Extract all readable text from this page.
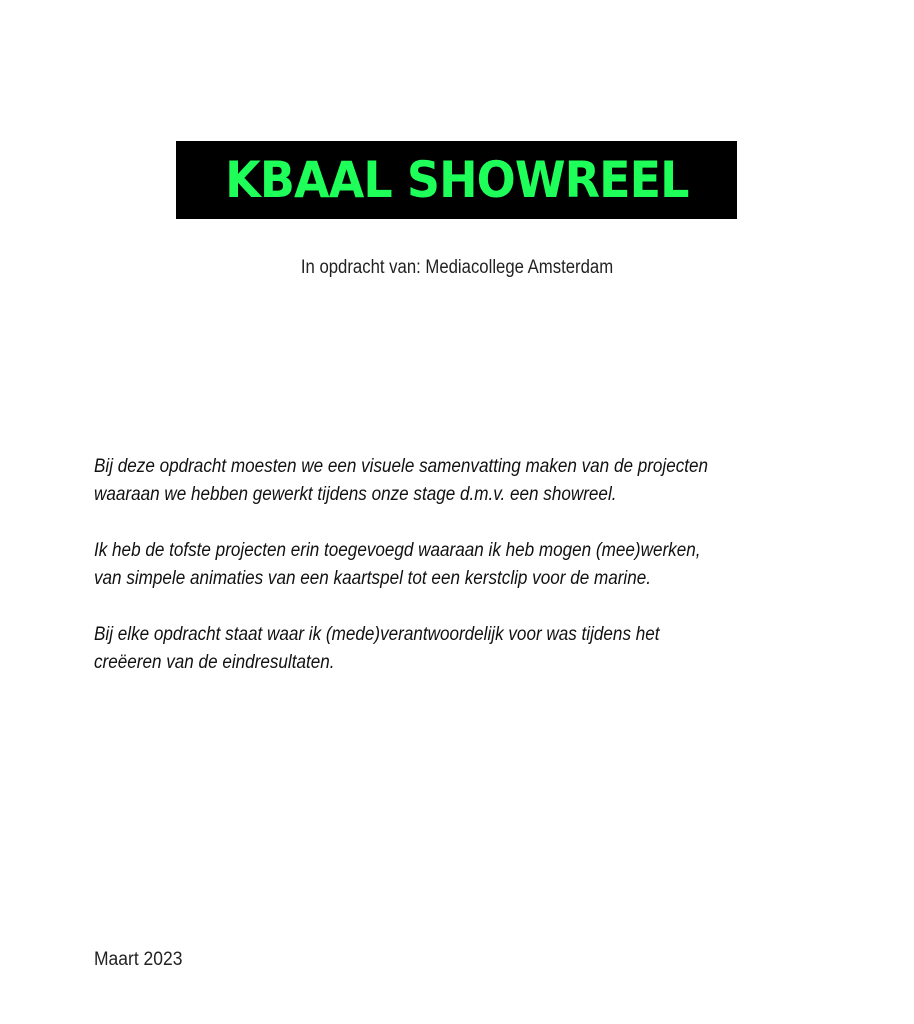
KBAAL SHOWREEL
In opdracht van: Mediacollege Amsterdam

Bij deze opdracht moesten we een visuele samenvatting maken van de projecten
waaraan we hebben gewerkt tijdens onze stage d.m.v. een showreel.

Ik heb de tofste projecten erin toegevoegd waaraan ik heb mogen (mee)werken,
van simpele animaties van een kaartspel tot een kerstclip voor de marine.

Bij elke opdracht staat waar ik (mede)verantwoordelijk voor was tijdens het
creëeren van de eindresultaten.

Maart 2023
